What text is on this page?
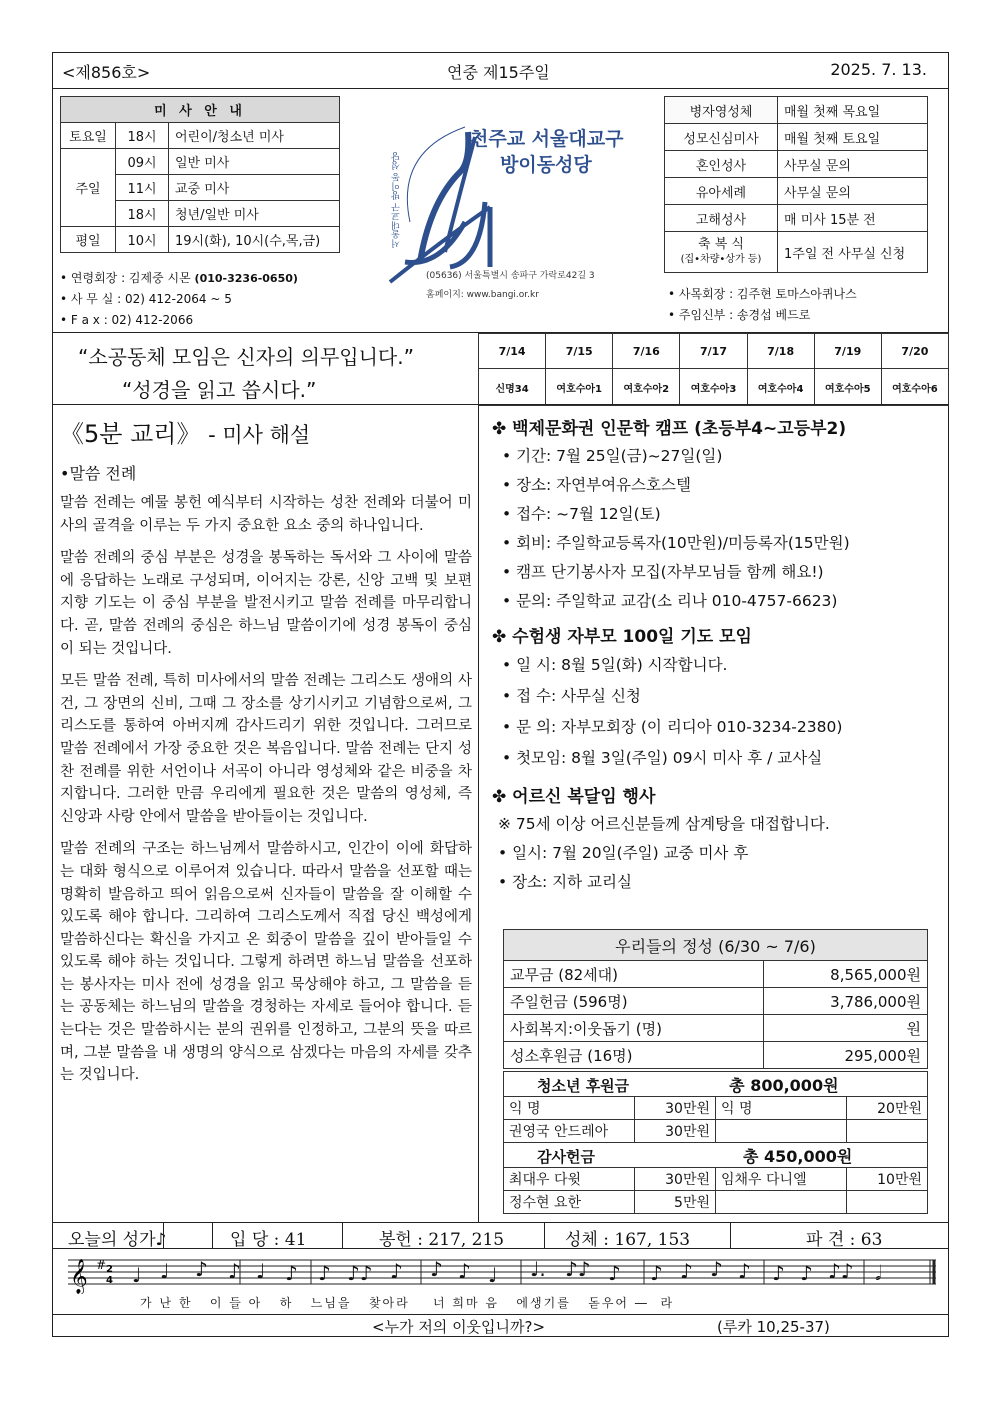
<제856호>	연중 제15주일	2025. 7. 13.
미 사 안 내		
토요일	18시	어린이/청소년 미사
주일	09시	일반 미사
	11시	교중 미사
	18시	청년/일반 미사
평일	10시	19시(화), 10시(수,목,금)
• 연령회장 : 김제중 시몬 (010-3236-0650)
• 사 무 실 : 02) 412-2064 ~ 5
• F a x : 02) 412-2066
서울대교구 방이동 성당
천주교 서울대교구
방이동성당
(05636) 서울특별시 송파구 가락로42길 3
홈페이지: www.bangi.or.kr
병자영성체	매월 첫째 목요일
성모신심미사	매월 첫째 토요일
혼인성사	사무실 문의
유아세례	사무실 문의
고해성사	매 미사 15분 전

축 복 식
(집•차량•상가 등)	1주일 전 사무실 신청
• 사목회장 : 김주현 토마스아퀴나스
• 주임신부 : 송경섭 베드로
“소공동체 모임은 신자의 의무입니다.”
“성경을 읽고 씁시다.”
7/14	7/15	7/16	7/17	7/18	7/19	7/20
신명34	여호수아1	여호수아2	여호수아3	여호수아4	여호수아5	여호수아6
《5분 교리》 - 미사 해설
•말씀 전례

말씀 전례는 예물 봉헌 예식부터 시작하는 성찬 전례와 더불어 미사의 골격을 이루는 두 가지 중요한 요소 중의 하나입니다.

말씀 전례의 중심 부분은 성경을 봉독하는 독서와 그 사이에 말씀에 응답하는 노래로 구성되며, 이어지는 강론, 신앙 고백 및 보편 지향 기도는 이 중심 부분을 발전시키고 말씀 전례를 마무리합니다. 곧, 말씀 전례의 중심은 하느님 말씀이기에 성경 봉독이 중심이 되는 것입니다.

모든 말씀 전례, 특히 미사에서의 말씀 전례는 그리스도 생애의 사건, 그 장면의 신비, 그때 그 장소를 상기시키고 기념함으로써, 그리스도를 통하여 아버지께 감사드리기 위한 것입니다. 그러므로 말씀 전례에서 가장 중요한 것은 복음입니다. 말씀 전례는 단지 성찬 전례를 위한 서언이나 서곡이 아니라 영성체와 같은 비중을 차지합니다. 그러한 만큼 우리에게 필요한 것은 말씀의 영성체, 즉 신앙과 사랑 안에서 말씀을 받아들이는 것입니다.

말씀 전례의 구조는 하느님께서 말씀하시고, 인간이 이에 화답하는 대화 형식으로 이루어져 있습니다. 따라서 말씀을 선포할 때는 명확히 발음하고 띄어 읽음으로써 신자들이 말씀을 잘 이해할 수 있도록 해야 합니다. 그리하여 그리스도께서 직접 당신 백성에게 말씀하신다는 확신을 가지고 온 회중이 말씀을 깊이 받아들일 수 있도록 해야 하는 것입니다. 그렇게 하려면 하느님 말씀을 선포하는 봉사자는 미사 전에 성경을 읽고 묵상해야 하고, 그 말씀을 듣는 공동체는 하느님의 말씀을 경청하는 자세로 들어야 합니다. 듣는다는 것은 말씀하시는 분의 권위를 인정하고, 그분의 뜻을 따르며, 그분 말씀을 내 생명의 양식으로 삼겠다는 마음의 자세를 갖추는 것입니다.

✤ 백제문화권 인문학 캠프 (초등부4~고등부2)
• 기간: 7월 25일(금)~27일(일)
• 장소: 자연부여유스호스텔
• 접수: ~7월 12일(토)
• 회비: 주일학교등록자(10만원)/미등록자(15만원)
• 캠프 단기봉사자 모집(자부모님들 함께 해요!)
• 문의: 주일학교 교감(소 리나 010-4757-6623)
✤ 수험생 자부모 100일 기도 모임
• 일 시: 8월 5일(화) 시작합니다.
• 접 수: 사무실 신청
• 문 의: 자부모회장 (이 리디아 010-3234-2380)
• 첫모임: 8월 3일(주일) 09시 미사 후 / 교사실
✤ 어르신 복달임 행사
※ 75세 이상 어르신분들께 삼계탕을 대접합니다.
• 일시: 7월 20일(주일) 교중 미사 후
• 장소: 지하 교리실
우리들의 정성 (6/30 ~ 7/6)	
교무금 (82세대)	8,565,000원
주일헌금 (596명)	3,786,000원
사회복지:이웃돕기 (명)	원
성소후원금 (16명)	295,000원
청소년 후원금 총 800,000원			
익 명	30만원	익 명	20만원
권영국 안드레아	30만원		
감사헌금 총 450,000원			
최대우 다윗	30만원	임채우 다니엘	10만원
정수현 요한	5만원		
오늘의 성가♪	입 당 : 41	봉헌 : 217, 215	성체 : 167, 153	파 견 : 63
𝄞 # 2
4 ♩ ♩ ♪ ♪ ♩ ♪ ♪ ♪♪ ♪ ♪ ♪ ♩ ♩. ♪♪ ♪ ♪ ♪ ♪ ♪ ♪ ♪ ♪♪ 𝅗𝅥
가 난 한   이 들 아   하   느님을   찾아라    너 희마 음   에생기를   돋우어 ―  라
<누가 저의 이웃입니까?>	(루카 10,25-37)
